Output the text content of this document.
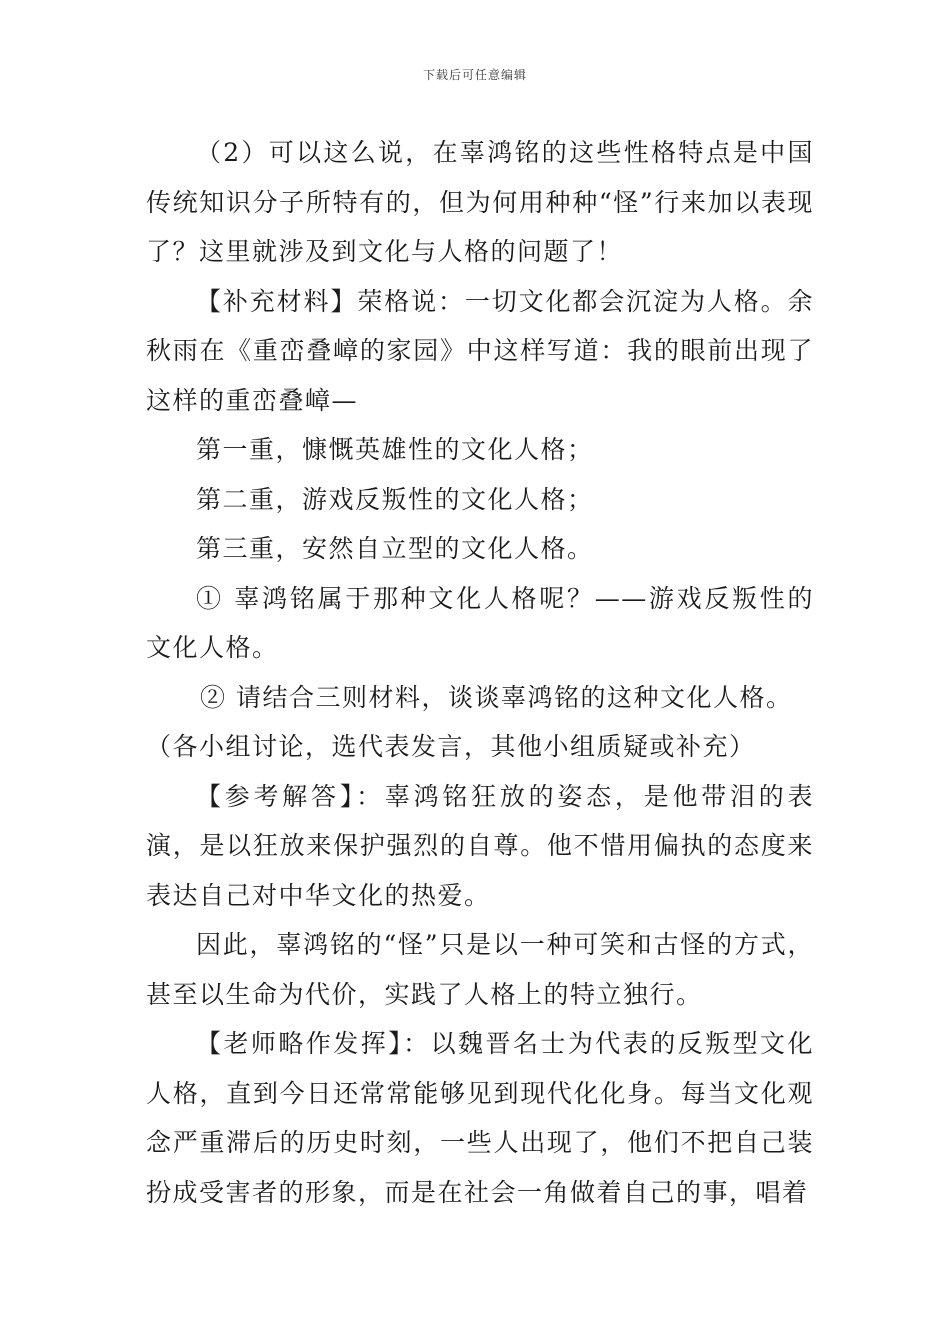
下载后可任意编辑

（2）可以这么说，在辜鸿铭的这些性格特点是中国传统知识分子所特有的，但为何用种种“怪”行来加以表现了？这里就涉及到文化与人格的问题了！

【补充材料】荣格说：一切文化都会沉淀为人格。余秋雨在《重峦叠嶂的家园》中这样写道：我的眼前出现了这样的重峦叠嶂—

第一重，慷慨英雄性的文化人格；

第二重，游戏反叛性的文化人格；

第三重，安然自立型的文化人格。

① 辜鸿铭属于那种文化人格呢？——游戏反叛性的文化人格。

② 请结合三则材料，谈谈辜鸿铭的这种文化人格。

（各小组讨论，选代表发言，其他小组质疑或补充）

【参考解答】：辜鸿铭狂放的姿态，是他带泪的表演，是以狂放来保护强烈的自尊。他不惜用偏执的态度来表达自己对中华文化的热爱。

因此，辜鸿铭的“怪”只是以一种可笑和古怪的方式，甚至以生命为代价，实践了人格上的特立独行。

【老师略作发挥】：以魏晋名士为代表的反叛型文化人格，直到今日还常常能够见到现代化化身。每当文化观念严重滞后的历史时刻，一些人出现了，他们不把自己装扮成受害者的形象，而是在社会一角做着自己的事，唱着
